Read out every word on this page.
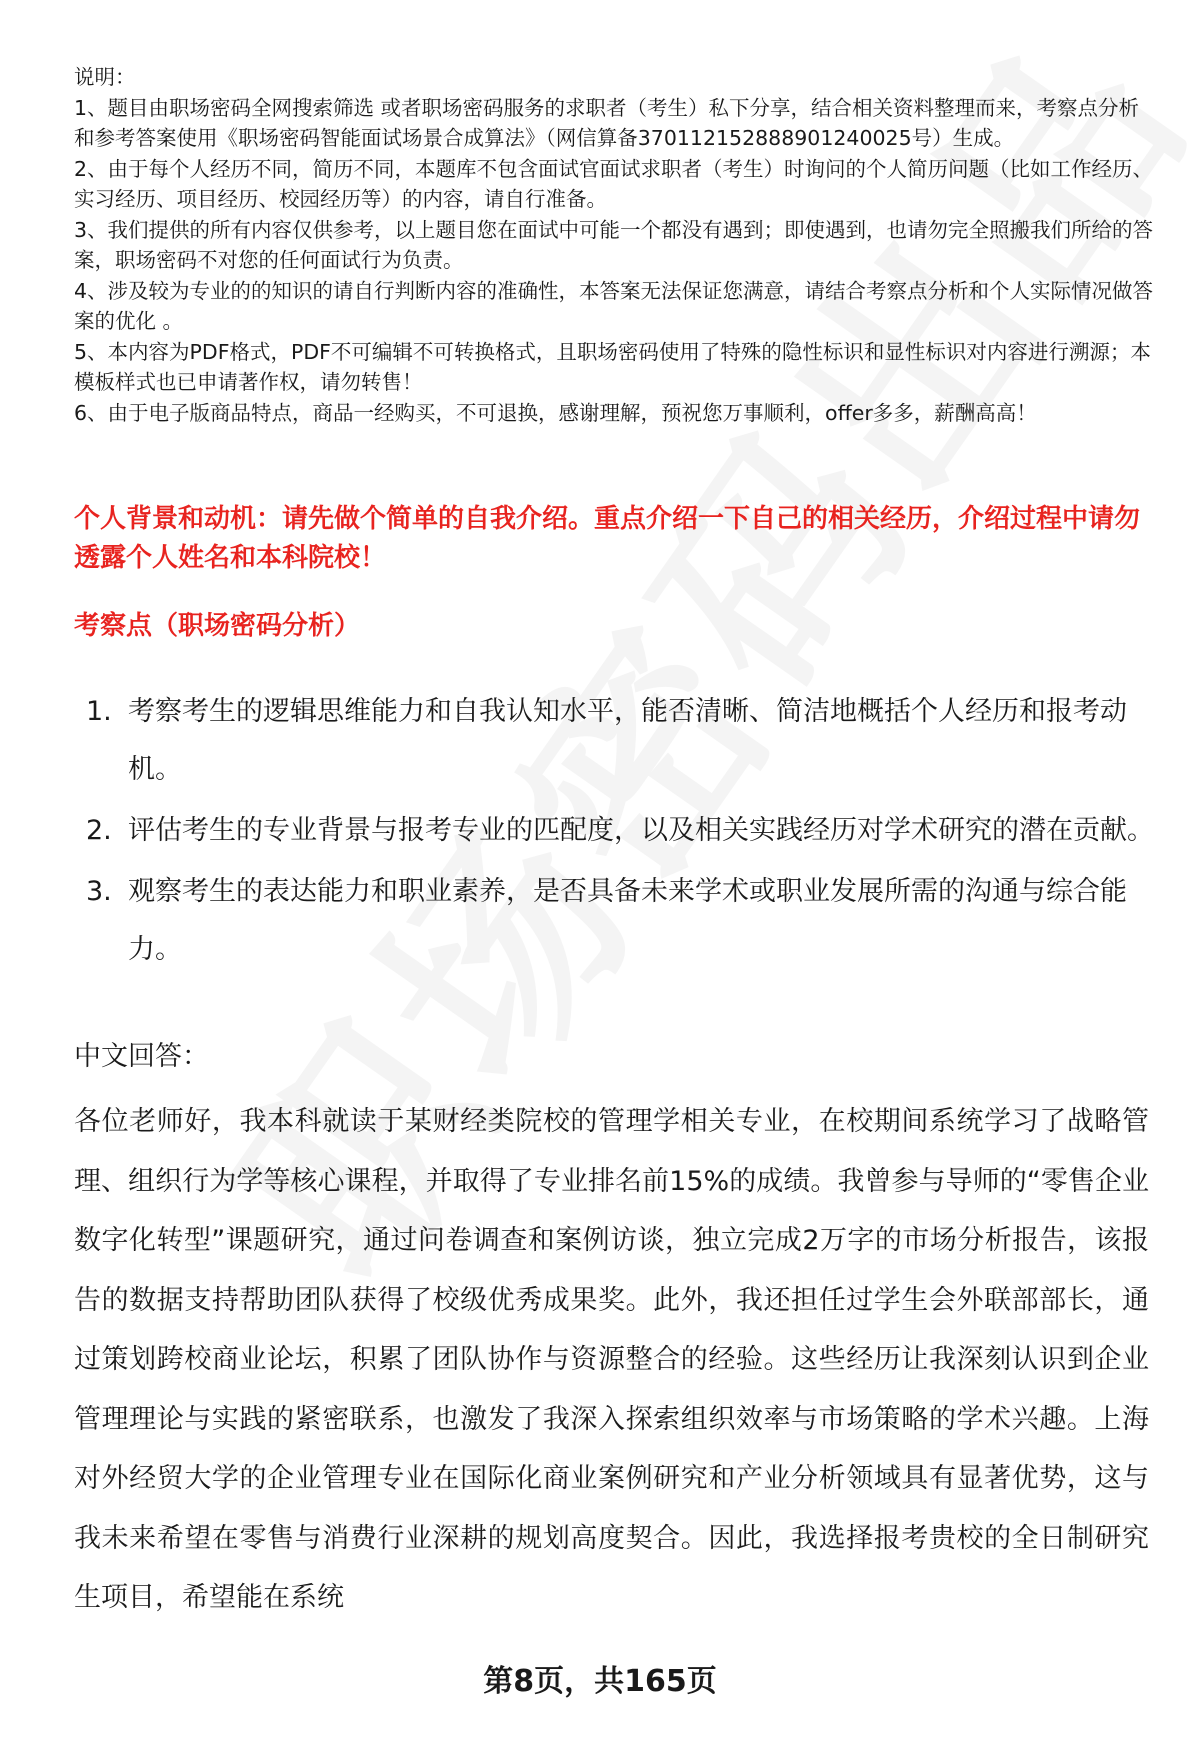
说明：

1、题目由职场密码全网搜索筛选 或者职场密码服务的求职者（考生）私下分享，结合相关资料整理而来，考察点分析和参考答案使用《职场密码智能面试场景合成算法》（网信算备370112152888901240025号）生成。

2、由于每个人经历不同，简历不同，本题库不包含面试官面试求职者（考生）时询问的个人简历问题（比如工作经历、实习经历、项目经历、校园经历等）的内容，请自行准备。

3、我们提供的所有内容仅供参考，以上题目您在面试中可能一个都没有遇到；即使遇到，也请勿完全照搬我们所给的答案，职场密码不对您的任何面试行为负责。

4、涉及较为专业的的知识的请自行判断内容的准确性，本答案无法保证您满意，请结合考察点分析和个人实际情况做答案的优化 。

5、本内容为PDF格式，PDF不可编辑不可转换格式，且职场密码使用了特殊的隐性标识和显性标识对内容进行溯源；本模板样式也已申请著作权，请勿转售！

6、由于电子版商品特点，商品一经购买，不可退换，感谢理解，预祝您万事顺利，offer多多，薪酬高高！

个人背景和动机：请先做个简单的自我介绍。重点介绍一下自己的相关经历，介绍过程中请勿透露个人姓名和本科院校！

考察点（职场密码分析）

1. 考察考生的逻辑思维能力和自我认知水平，能否清晰、简洁地概括个人经历和报考动机。
2. 评估考生的专业背景与报考专业的匹配度，以及相关实践经历对学术研究的潜在贡献。
3. 观察考生的表达能力和职业素养，是否具备未来学术或职业发展所需的沟通与综合能力。

中文回答：

各位老师好，我本科就读于某财经类院校的管理学相关专业，在校期间系统学习了战略管理、组织行为学等核心课程，并取得了专业排名前15%的成绩。我曾参与导师的“零售企业数字化转型”课题研究，通过问卷调查和案例访谈，独立完成2万字的市场分析报告，该报告的数据支持帮助团队获得了校级优秀成果奖。此外，我还担任过学生会外联部部长，通过策划跨校商业论坛，积累了团队协作与资源整合的经验。这些经历让我深刻认识到企业管理理论与实践的紧密联系，也激发了我深入探索组织效率与市场策略的学术兴趣。上海对外经贸大学的企业管理专业在国际化商业案例研究和产业分析领域具有显著优势，这与我未来希望在零售与消费行业深耕的规划高度契合。因此，我选择报考贵校的全日制研究生项目，希望能在系统

第8页，共165页
